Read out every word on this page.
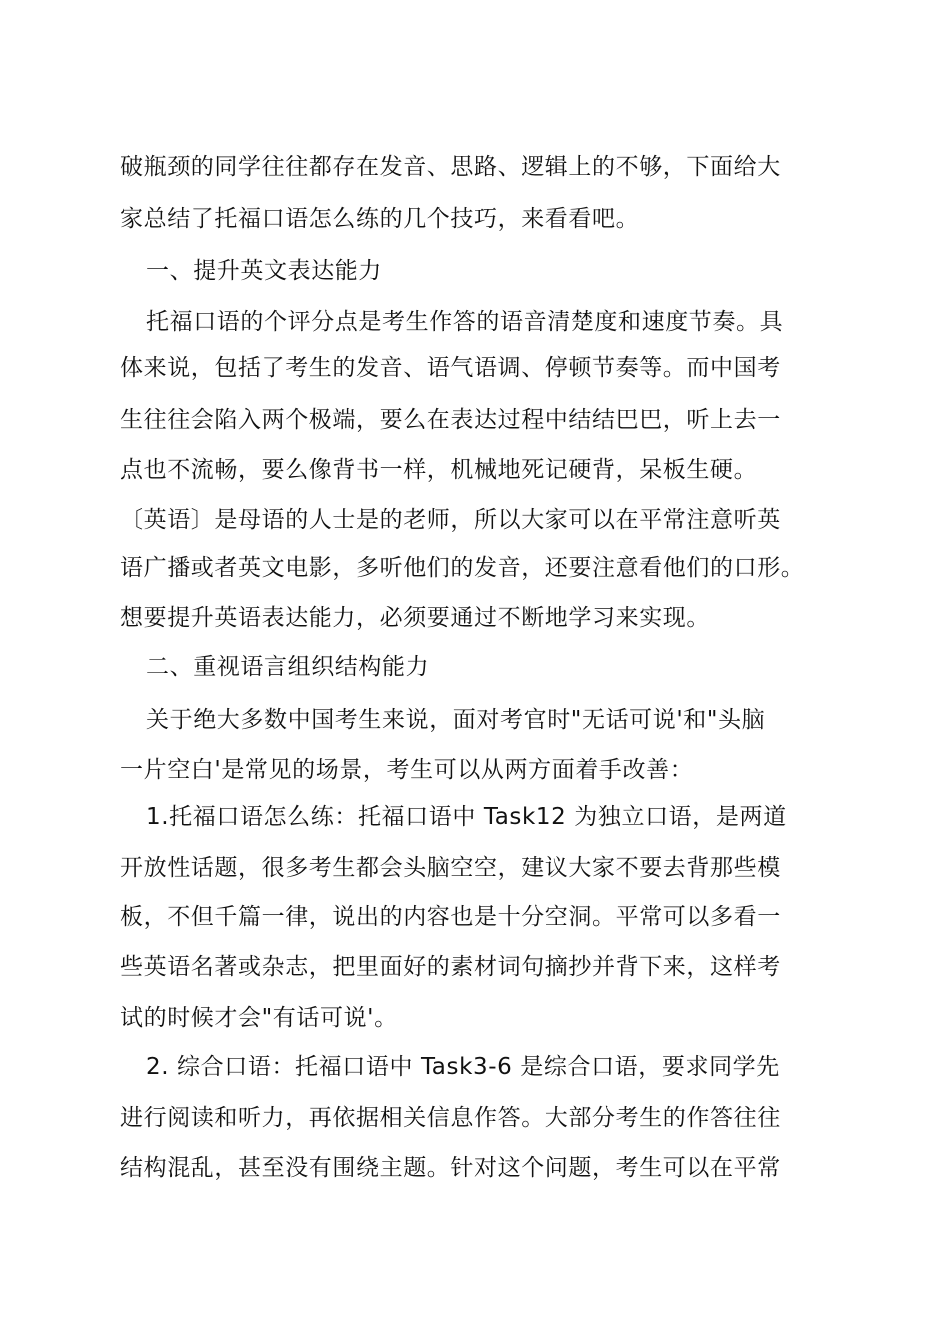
破瓶颈的同学往往都存在发音、思路、逻辑上的不够，下面给大
家总结了托福口语怎么练的几个技巧，来看看吧。
一、提升英文表达能力
托福口语的个评分点是考生作答的语音清楚度和速度节奏。具
体来说，包括了考生的发音、语气语调、停顿节奏等。而中国考
生往往会陷入两个极端，要么在表达过程中结结巴巴，听上去一
点也不流畅，要么像背书一样，机械地死记硬背，呆板生硬。
〔英语〕是母语的人士是的老师，所以大家可以在平常注意听英
语广播或者英文电影，多听他们的发音，还要注意看他们的口形。
想要提升英语表达能力，必须要通过不断地学习来实现。
二、重视语言组织结构能力
关于绝大多数中国考生来说，面对考官时"无话可说'和"头脑
一片空白'是常见的场景，考生可以从两方面着手改善：
1.托福口语怎么练：托福口语中 Task12 为独立口语，是两道
开放性话题，很多考生都会头脑空空，建议大家不要去背那些模
板，不但千篇一律，说出的内容也是十分空洞。平常可以多看一
些英语名著或杂志，把里面好的素材词句摘抄并背下来，这样考
试的时候才会"有话可说'。
2. 综合口语：托福口语中 Task3-6 是综合口语，要求同学先
进行阅读和听力，再依据相关信息作答。大部分考生的作答往往
结构混乱，甚至没有围绕主题。针对这个问题，考生可以在平常
